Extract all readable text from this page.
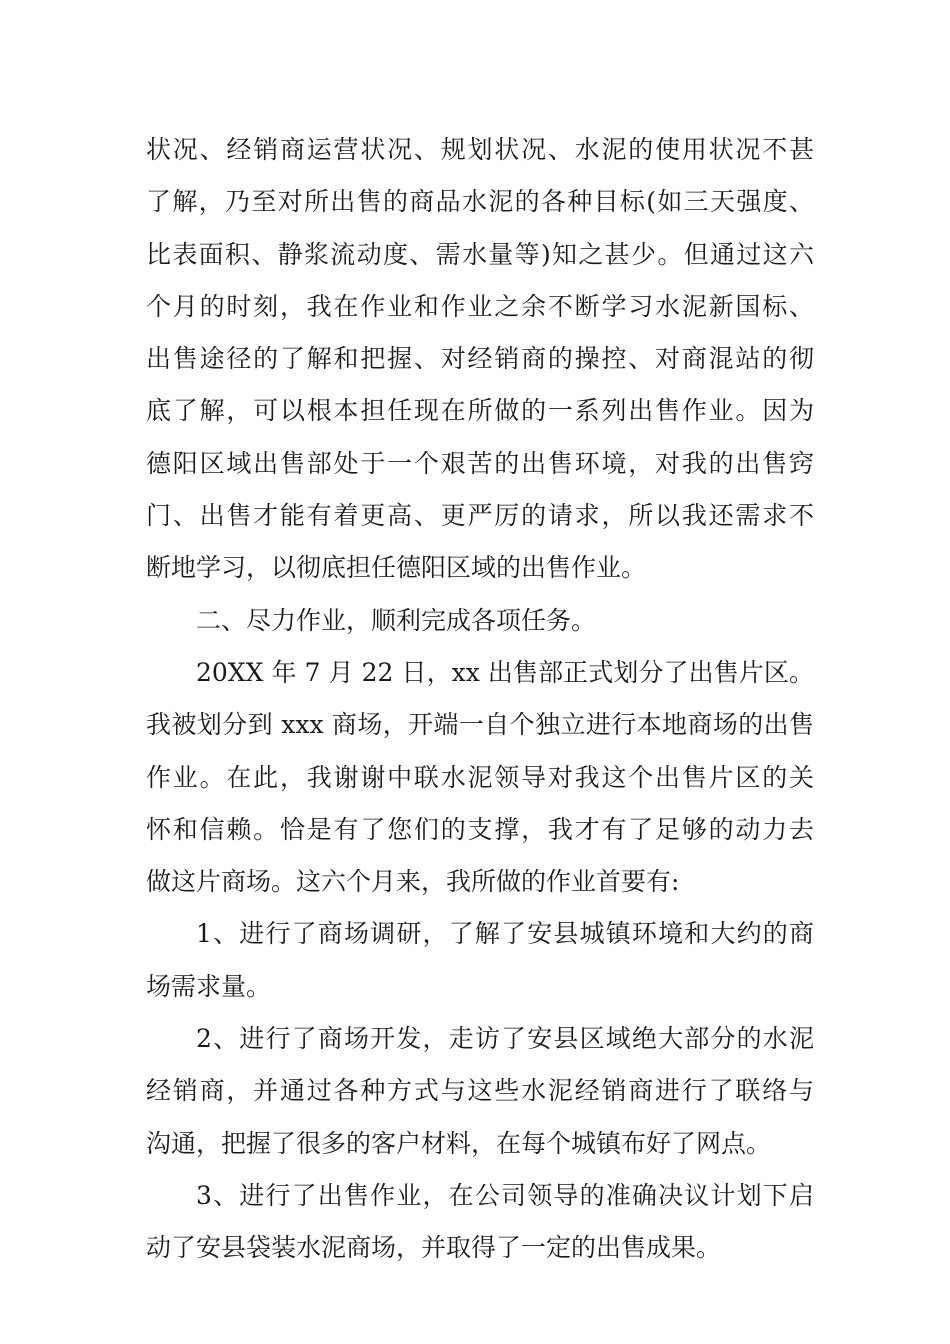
状况、经销商运营状况、规划状况、水泥的使用状况不甚
了解，乃至对所出售的商品水泥的各种目标(如三天强度、
比表面积、静浆流动度、需水量等)知之甚少。但通过这六
个月的时刻，我在作业和作业之余不断学习水泥新国标、
出售途径的了解和把握、对经销商的操控、对商混站的彻
底了解，可以根本担任现在所做的一系列出售作业。因为
德阳区域出售部处于一个艰苦的出售环境，对我的出售窍
门、出售才能有着更高、更严厉的请求，所以我还需求不
断地学习，以彻底担任德阳区域的出售作业。

二、尽力作业，顺利完成各项任务。

20XX 年 7 月 22 日，xx 出售部正式划分了出售片区。
我被划分到 xxx 商场，开端一自个独立进行本地商场的出售
作业。在此，我谢谢中联水泥领导对我这个出售片区的关
怀和信赖。恰是有了您们的支撑，我才有了足够的动力去
做这片商场。这六个月来，我所做的作业首要有:

1、进行了商场调研，了解了安县城镇环境和大约的商
场需求量。

2、进行了商场开发，走访了安县区域绝大部分的水泥
经销商，并通过各种方式与这些水泥经销商进行了联络与
沟通，把握了很多的客户材料，在每个城镇布好了网点。

3、进行了出售作业，在公司领导的准确决议计划下启
动了安县袋装水泥商场，并取得了一定的出售成果。
